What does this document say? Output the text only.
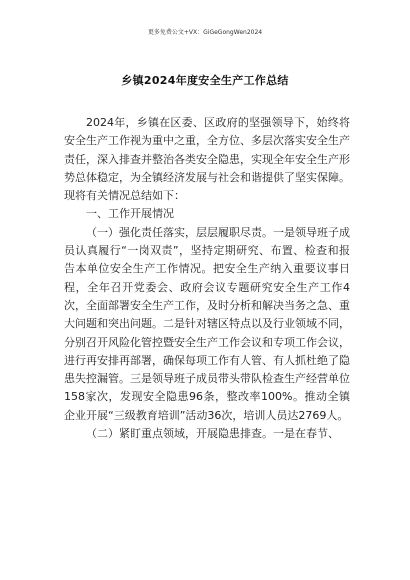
更多免费公文+VX：GiGeGongWen2024
乡镇2024年度安全生产工作总结

2024年，乡镇在区委、区政府的坚强领导下，始终将安全生产工作视为重中之重，全方位、多层次落实安全生产责任，深入排查并整治各类安全隐患，实现全年安全生产形势总体稳定，为全镇经济发展与社会和谐提供了坚实保障。现将有关情况总结如下：

一、工作开展情况

（一）强化责任落实，层层履职尽责。一是领导班子成员认真履行“一岗双责”，坚持定期研究、布置、检查和报告本单位安全生产工作情况。把安全生产纳入重要议事日程，全年召开党委会、政府会议专题研究安全生产工作4次，全面部署安全生产工作，及时分析和解决当务之急、重大问题和突出问题。二是针对辖区特点以及行业领域不同，分别召开风险化管控暨安全生产工作会议和专项工作会议，进行再安排再部署，确保每项工作有人管、有人抓杜绝了隐患失控漏管。三是领导班子成员带头带队检查生产经营单位158家次，发现安全隐患96条，整改率100%。推动全镇企业开展“三级教育培训”活动36次，培训人员达2769人。

（二）紧盯重点领域，开展隐患排查。一是在春节、
